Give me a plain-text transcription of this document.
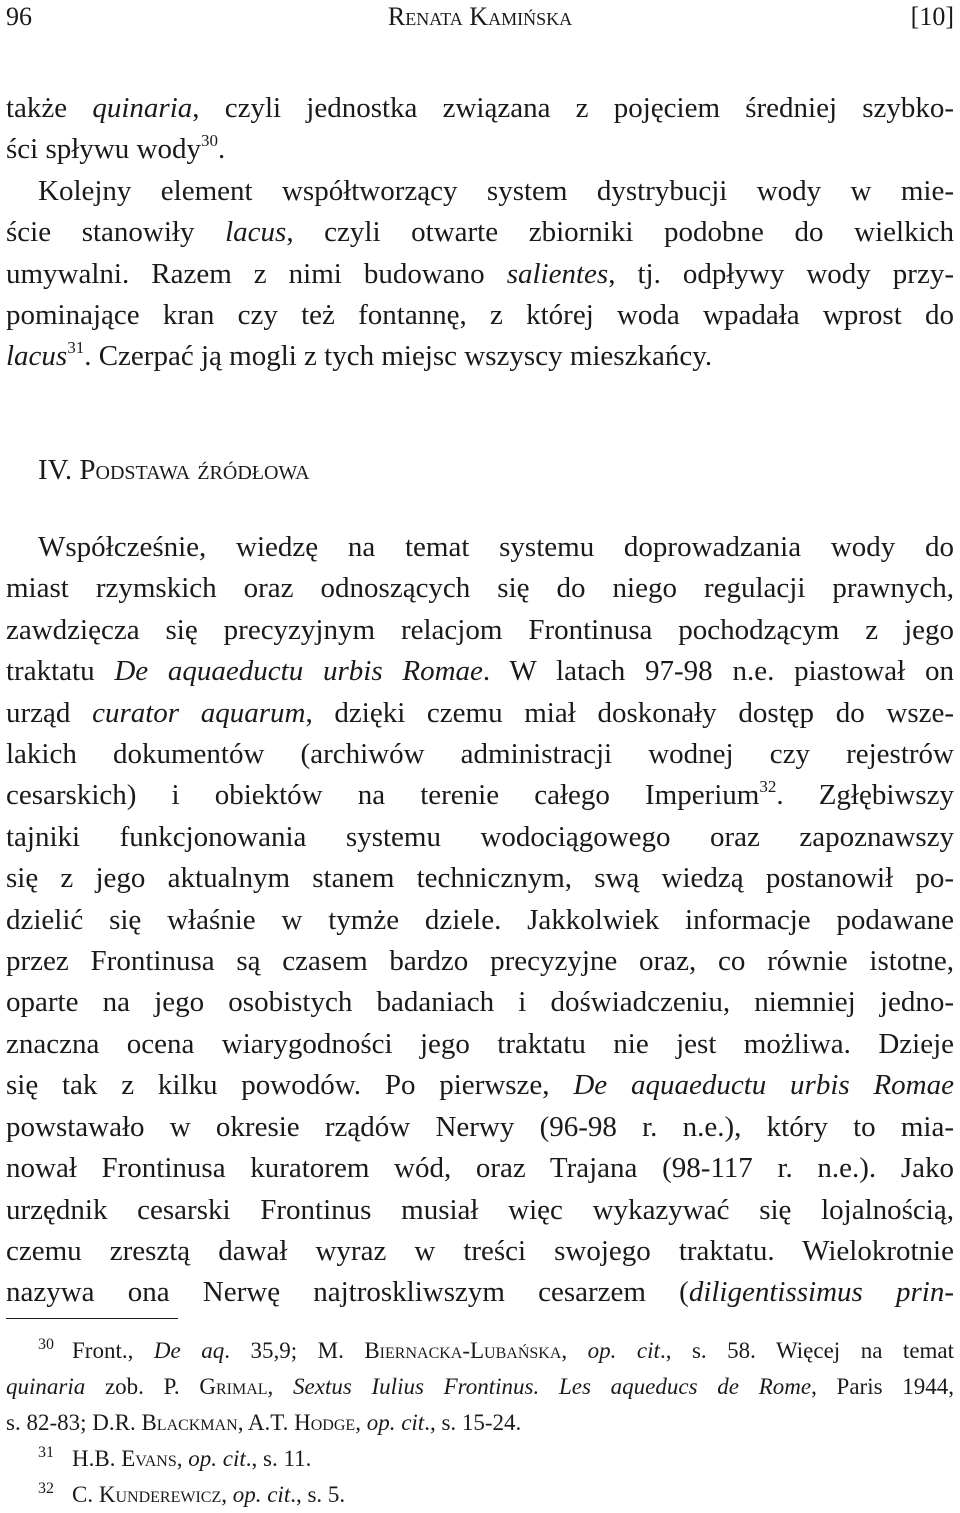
96	Renata Kamińska	[10]

także quinaria, czyli jednostka związana z pojęciem średniej szybko-
ści spływu wody$^{30}$.
Kolejny element współtworzący system dystrybucji wody w mie-
ście stanowiły lacus, czyli otwarte zbiorniki podobne do wielkich
umywalni. Razem z nimi budowano salientes, tj. odpływy wody przy-
pominające kran czy też fontannę, z której woda wpadała wprost do
lacus$^{31}$. Czerpać ją mogli z tych miejsc wszyscy mieszkańcy.

IV. Podstawa źródłowa

Współcześnie, wiedzę na temat systemu doprowadzania wody do
miast rzymskich oraz odnoszących się do niego regulacji prawnych,
zawdzięcza się precyzyjnym relacjom Frontinusa pochodzącym z jego
traktatu De aquaeductu urbis Romae. W latach 97-98 n.e. piastował on
urząd curator aquarum, dzięki czemu miał doskonały dostęp do wsze-
lakich dokumentów (archiwów administracji wodnej czy rejestrów
cesarskich) i obiektów na terenie całego Imperium$^{32}$. Zgłębiwszy
tajniki funkcjonowania systemu wodociągowego oraz zapoznawszy
się z jego aktualnym stanem technicznym, swą wiedzą postanowił po-
dzielić się właśnie w tymże dziele. Jakkolwiek informacje podawane
przez Frontinusa są czasem bardzo precyzyjne oraz, co równie istotne,
oparte na jego osobistych badaniach i doświadczeniu, niemniej jedno-
znaczna ocena wiarygodności jego traktatu nie jest możliwa. Dzieje
się tak z kilku powodów. Po pierwsze, De aquaeductu urbis Romae
powstawało w okresie rządów Nerwy (96-98 r. n.e.), który to mia-
nował Frontinusa kuratorem wód, oraz Trajana (98-117 r. n.e.). Jako
urzędnik cesarski Frontinus musiał więc wykazywać się lojalnością,
czemu zresztą dawał wyraz w treści swojego traktatu. Wielokrotnie
nazywa ona Nerwę najtroskliwszym cesarzem (diligentissimus prin-

$^{30}$ Front., De aq. 35,9; M. Biernacka-Lubańska, op. cit., s. 58. Więcej na temat
quinaria zob. P. Grimal, Sextus Iulius Frontinus. Les aqueducs de Rome, Paris 1944,
s. 82-83; D.R. Blackman, A.T. Hodge, op. cit., s. 15-24.
$^{31}$ H.B. Evans, op. cit., s. 11.
$^{32}$ C. Kunderewicz, op. cit., s. 5.
